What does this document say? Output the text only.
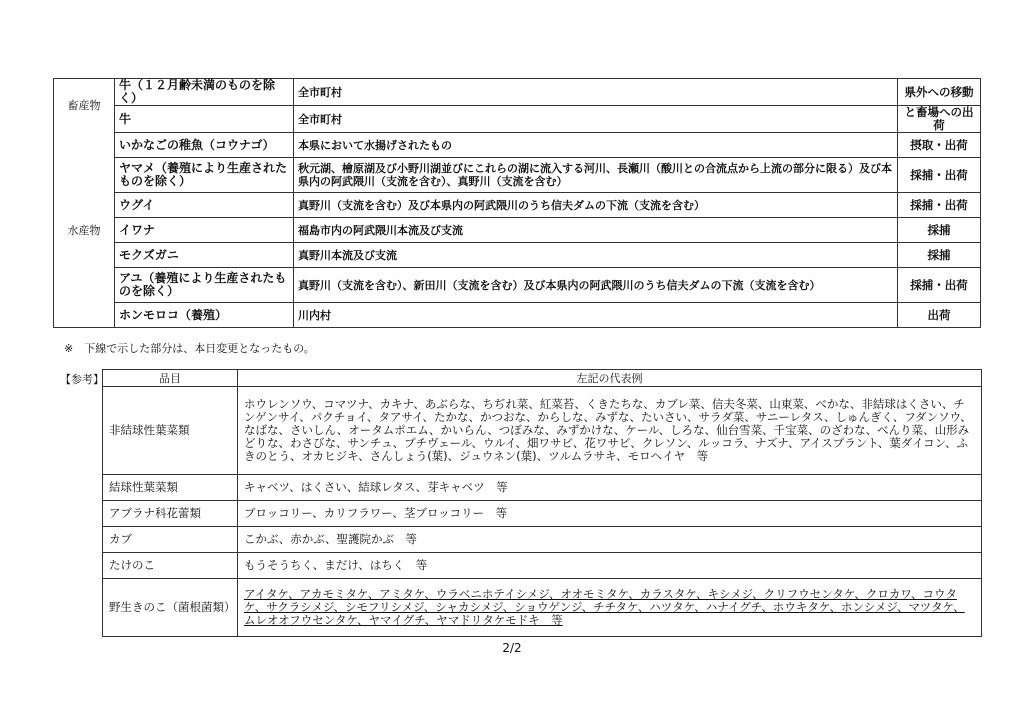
畜産物	牛（１２月齢未満のものを除く）	全市町村	県外への移動
	牛	全市町村	と畜場への出荷
水産物	いかなごの稚魚（コウナゴ）	本県において水揚げされたもの	摂取・出荷
	ヤマメ（養殖により生産されたものを除く）	秋元湖、檜原湖及び小野川湖並びにこれらの湖に流入する河川、長瀬川（酸川との合流点から上流の部分に限る）及び本県内の阿武隈川（支流を含む）、真野川（支流を含む）	採捕・出荷
	ウグイ	真野川（支流を含む）及び本県内の阿武隈川のうち信夫ダムの下流（支流を含む）	採捕・出荷
	イワナ	福島市内の阿武隈川本流及び支流	採捕
	モクズガニ	真野川本流及び支流	採捕
	アユ（養殖により生産されたものを除く）	真野川（支流を含む）、新田川（支流を含む）及び本県内の阿武隈川のうち信夫ダムの下流（支流を含む）	採捕・出荷
	ホンモロコ（養殖）	川内村	出荷
※　下線で示した部分は、本日変更となったもの。
【参考】	品目	左記の代表例
非結球性葉菜類	ホウレンソウ、コマツナ、カキナ、あぶらな、ちぢれ菜、紅菜苔、くきたちな、カブレ菜、信夫冬菜、山東菜、べかな、非結球はくさい、チンゲンサイ、パクチョイ、タアサイ、たかな、かつおな、からしな、みずな、たいさい、サラダ菜、サニーレタス、しゅんぎく、フダンソウ、なばな、さいしん、オータムポエム、かいらん、つぼみな、みずかけな、ケール、しろな、仙台雪菜、千宝菜、のざわな、べんり菜、山形みどりな、わさびな、サンチュ、プチヴェール、ウルイ、畑ワサビ、花ワサビ、クレソン、ルッコラ、ナズナ、アイスプラント、葉ダイコン、ふきのとう、オカヒジキ、さんしょう(葉)、ジュウネン(葉)、ツルムラサキ、モロヘイヤ　等
結球性葉菜類	キャベツ、はくさい、結球レタス、芽キャベツ　等
アブラナ科花蕾類	ブロッコリー、カリフラワー、茎ブロッコリー　等
カブ	こかぶ、赤かぶ、聖護院かぶ　等
たけのこ	もうそうちく、まだけ、はちく　等
野生きのこ（菌根菌類）	アイタケ、アカモミタケ、アミタケ、ウラベニホテイシメジ、オオモミタケ、カラスタケ、キシメジ、クリフウセンタケ、クロカワ、コウタケ、サクラシメジ、シモフリシメジ、シャカシメジ、ショウゲンジ、チチタケ、ハツタケ、ハナイグチ、ホウキタケ、ホンシメジ、マツタケ、ムレオオフウセンタケ、ヤマイグチ、ヤマドリタケモドキ　等
2/2
